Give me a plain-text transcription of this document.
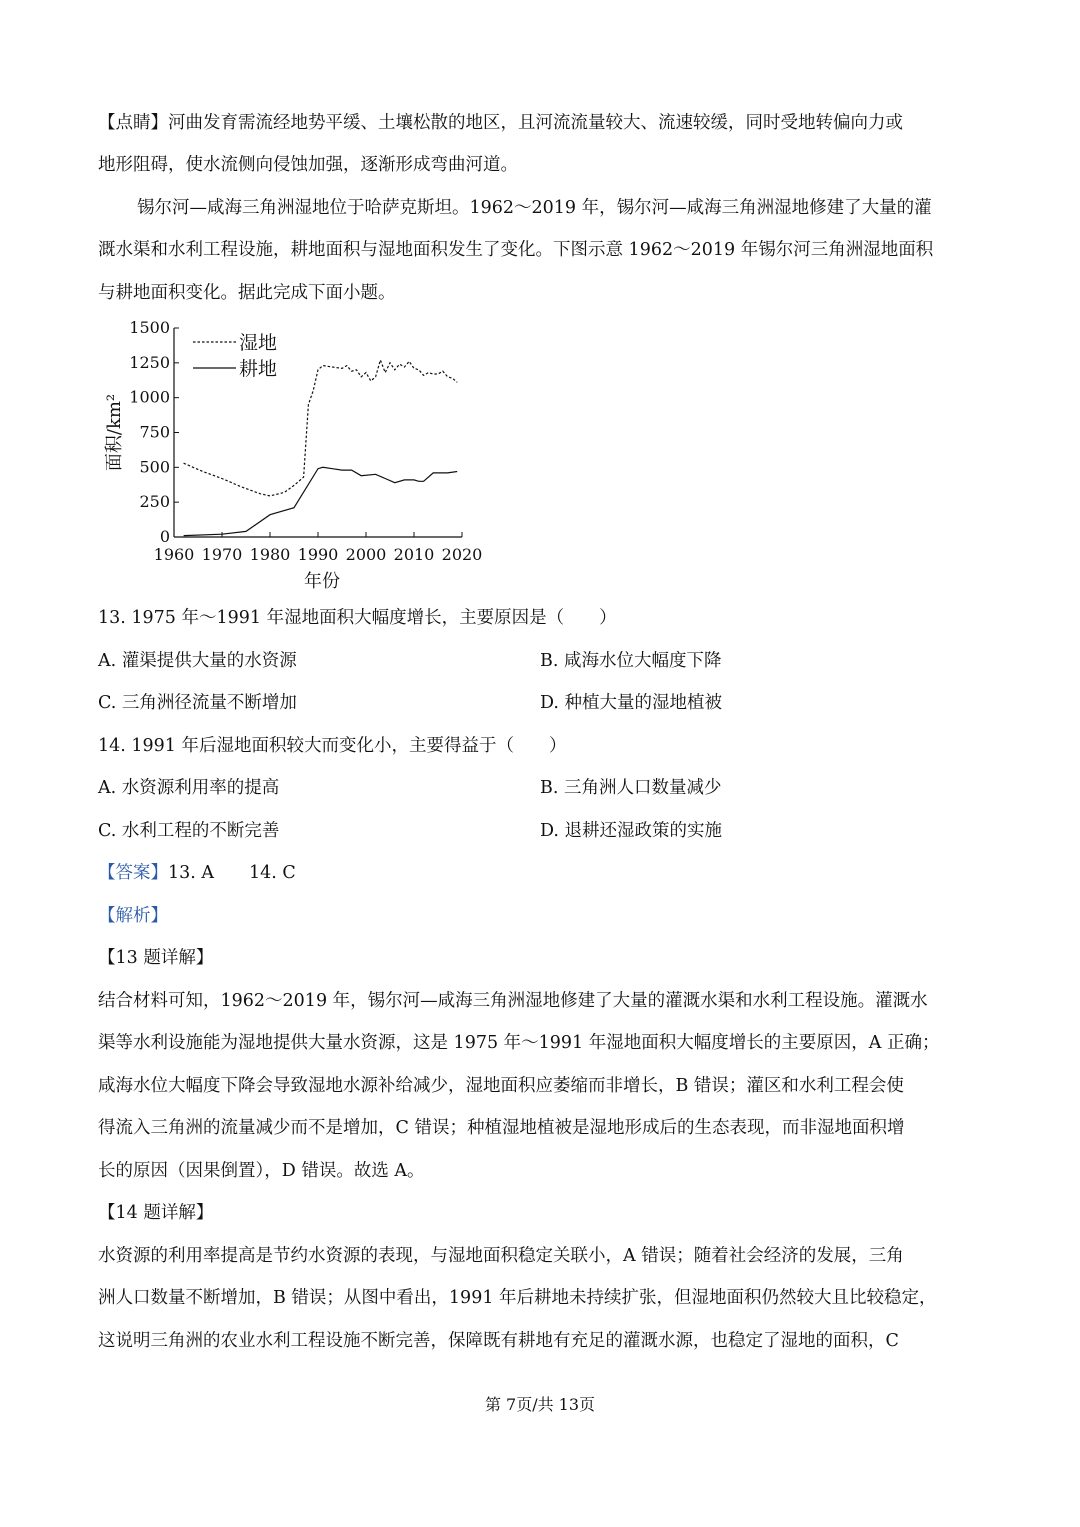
【点睛】河曲发育需流经地势平缓、土壤松散的地区，且河流流量较大、流速较缓，同时受地转偏向力或
地形阻碍，使水流侧向侵蚀加强，逐渐形成弯曲河道。
锡尔河—咸海三角洲湿地位于哈萨克斯坦。1962～2019 年，锡尔河—咸海三角洲湿地修建了大量的灌
溉水渠和水利工程设施，耕地面积与湿地面积发生了变化。下图示意 1962～2019 年锡尔河三角洲湿地面积
与耕地面积变化。据此完成下面小题。
0
250
500
750
1000
1250
1500
1960 1970 1980 1990 2000 2010 2020
湿地
耕地
面积/km²
年份
13. 1975 年～1991 年湿地面积大幅度增长，主要原因是（　　）
A. 灌渠提供大量的水资源	B. 咸海水位大幅度下降
C. 三角洲径流量不断增加	D. 种植大量的湿地植被
14. 1991 年后湿地面积较大而变化小，主要得益于（　　）
A. 水资源利用率的提高	B. 三角洲人口数量减少
C. 水利工程的不断完善	D. 退耕还湿政策的实施
【答案】13. A　　14. C
【解析】
【13 题详解】
结合材料可知，1962～2019 年，锡尔河—咸海三角洲湿地修建了大量的灌溉水渠和水利工程设施。灌溉水
渠等水利设施能为湿地提供大量水资源，这是 1975 年～1991 年湿地面积大幅度增长的主要原因，A 正确；
咸海水位大幅度下降会导致湿地水源补给减少，湿地面积应萎缩而非增长，B 错误；灌区和水利工程会使
得流入三角洲的流量减少而不是增加，C 错误；种植湿地植被是湿地形成后的生态表现，而非湿地面积增
长的原因（因果倒置），D 错误。故选 A。
【14 题详解】
水资源的利用率提高是节约水资源的表现，与湿地面积稳定关联小，A 错误；随着社会经济的发展，三角
洲人口数量不断增加，B 错误；从图中看出，1991 年后耕地未持续扩张，但湿地面积仍然较大且比较稳定，
这说明三角洲的农业水利工程设施不断完善，保障既有耕地有充足的灌溉水源，也稳定了湿地的面积，C
第 7页/共 13页
